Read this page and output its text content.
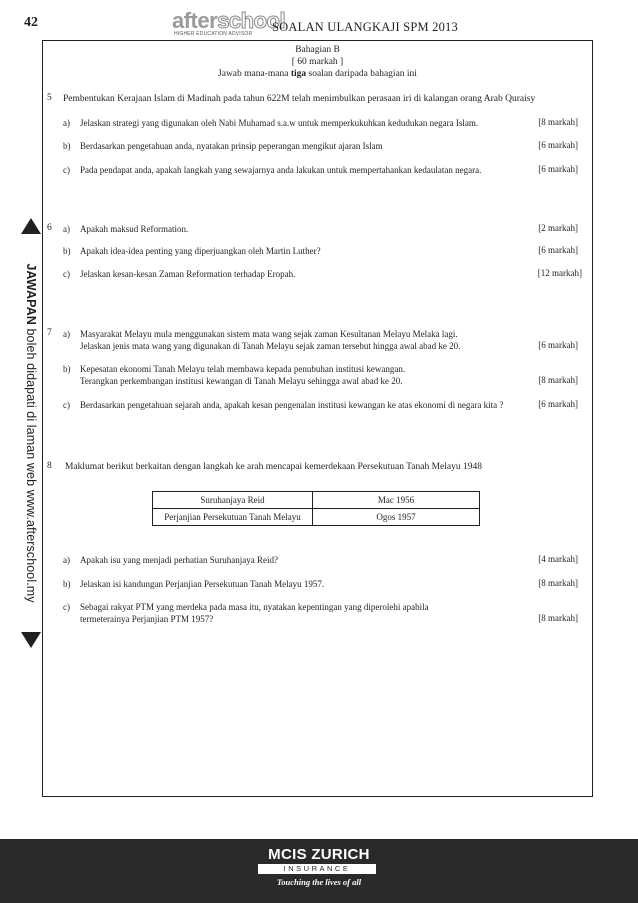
42	afterschool
HIGHER EDUCATION ADVISOR SOALAN ULANGKAJI SPM 2013
Bahagian B
[ 60 markah ]
Jawab mana-mana tiga soalan daripada bahagian ini
5 Pembentukan Kerajaan Islam di Madinah pada tahun 622M telah menimbulkan perasaan iri di kalangan orang Arab Quraisy
a) Jelaskan strategi yang digunakan oleh Nabi Muhamad s.a.w untuk memperkukuhkan kedudukan negara Islam.	[8 markah]
b) Berdasarkan pengetahuan anda, nyatakan prinsip peperangan mengikut ajaran Islam	[6 markah]
c) Pada pendapat anda, apakah langkah yang sewajarnya anda lakukan untuk mempertahankan kedaulatan negara.	[6 markah]
6 a) Apakah maksud Reformation.	[2 markah]
b) Apakah idea-idea penting yang diperjuangkan oleh Martin Luther?	[6 markah]
c) Jelaskan kesan-kesan Zaman Reformation terhadap Eropah.	[12 markah]
7 a) Masyarakat Melayu mula menggunakan sistem mata wang sejak zaman Kesultanan Melayu Melaka lagi.
Jelaskan jenis mata wang yang digunakan di Tanah Melayu sejak zaman tersebut hingga awal abad ke 20.	[6 markah]
b) Kepesatan ekonomi Tanah Melayu telah membawa kepada penubuhan institusi kewangan.
Terangkan perkembangan institusi kewangan di Tanah Melayu sehingga awal abad ke 20.	[8 markah]
c) Berdasarkan pengetahuan sejarah anda, apakah kesan pengenalan institusi kewangan ke atas ekonomi di negara kita ?	[6 markah]
8 Maklumat berikut berkaitan dengan langkah ke arah mencapai kemerdekaan Persekutuan Tanah Melayu 1948
Suruhanjaya Reid	Mac 1956
Perjanjian Persekutuan Tanah Melayu	Ogos 1957
a) Apakah isu yang menjadi perhatian Suruhanjaya Reid?	[4 markah]
b) Jelaskan isi kandungan Perjanjian Persekutuan Tanah Melayu 1957.	[8 markah]
c) Sebagai rakyat PTM yang merdeka pada masa itu, nyatakan kepentingan yang diperolehi apabila
termeterainya Perjanjian PTM 1957?	[8 markah]
JAWAPAN boleh didapati di laman web www.afterschool.my
MCIS ZURICH
INSURANCE
Touching the lives of all
